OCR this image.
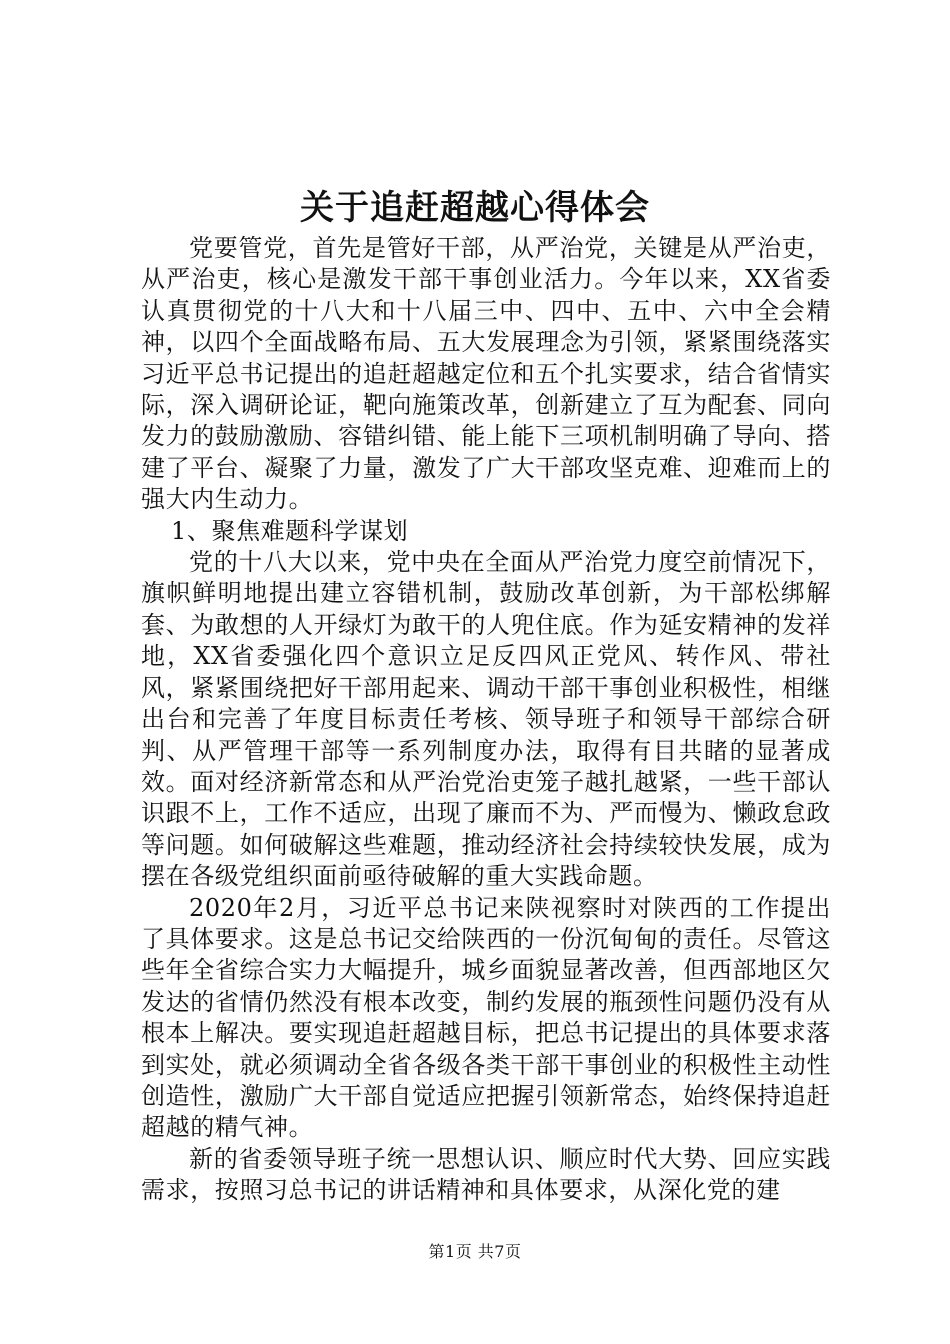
关于追赶超越心得体会

党要管党，首先是管好干部，从严治党，关键是从严治吏，从严治吏，核心是激发干部干事创业活力。今年以来，XX省委认真贯彻党的十八大和十八届三中、四中、五中、六中全会精神，以四个全面战略布局、五大发展理念为引领，紧紧围绕落实习近平总书记提出的追赶超越定位和五个扎实要求，结合省情实际，深入调研论证，靶向施策改革，创新建立了互为配套、同向发力的鼓励激励、容错纠错、能上能下三项机制明确了导向、搭建了平台、凝聚了力量，激发了广大干部攻坚克难、迎难而上的强大内生动力。

1、聚焦难题科学谋划

党的十八大以来，党中央在全面从严治党力度空前情况下，旗帜鲜明地提出建立容错机制，鼓励改革创新，为干部松绑解套、为敢想的人开绿灯为敢干的人兜住底。作为延安精神的发祥地，XX省委强化四个意识立足反四风正党风、转作风、带社风，紧紧围绕把好干部用起来、调动干部干事创业积极性，相继出台和完善了年度目标责任考核、领导班子和领导干部综合研判、从严管理干部等一系列制度办法，取得有目共睹的显著成效。面对经济新常态和从严治党治吏笼子越扎越紧，一些干部认识跟不上，工作不适应，出现了廉而不为、严而慢为、懒政怠政等问题。如何破解这些难题，推动经济社会持续较快发展，成为摆在各级党组织面前亟待破解的重大实践命题。

2020年2月，习近平总书记来陕视察时对陕西的工作提出了具体要求。这是总书记交给陕西的一份沉甸甸的责任。尽管这些年全省综合实力大幅提升，城乡面貌显著改善，但西部地区欠发达的省情仍然没有根本改变，制约发展的瓶颈性问题仍没有从根本上解决。要实现追赶超越目标，把总书记提出的具体要求落到实处，就必须调动全省各级各类干部干事创业的积极性主动性创造性，激励广大干部自觉适应把握引领新常态，始终保持追赶超越的精气神。

新的省委领导班子统一思想认识、顺应时代大势、回应实践需求，按照习总书记的讲话精神和具体要求，从深化党的建

第1页 共7页
